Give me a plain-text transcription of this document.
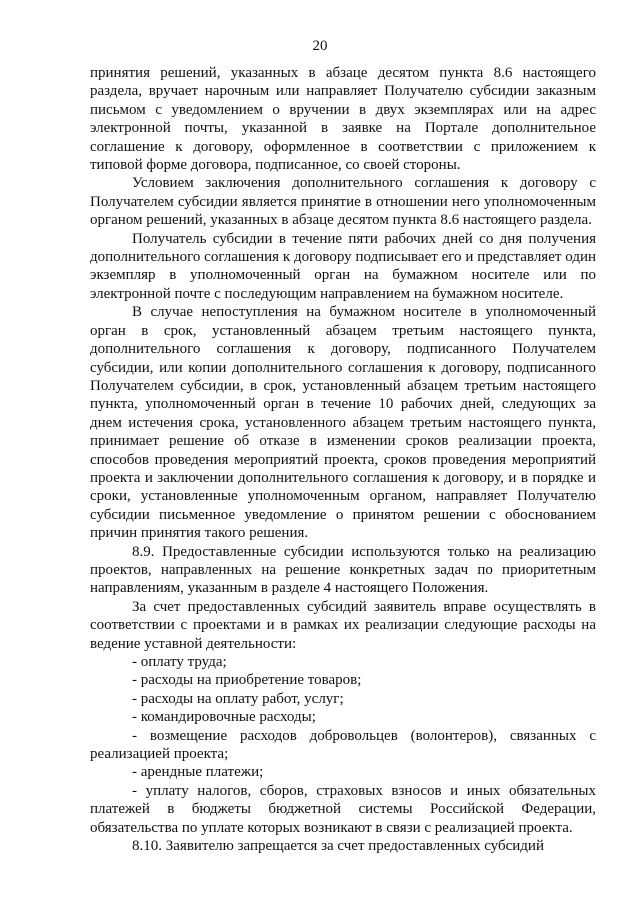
20

принятия решений, указанных в абзаце десятом пункта 8.6 настоящего раздела, вручает нарочным или направляет Получателю субсидии заказным письмом с уведомлением о вручении в двух экземплярах или на адрес электронной почты, указанной в заявке на Портале дополнительное соглашение к договору, оформленное в соответствии с приложением к типовой форме договора, подписанное, со своей стороны.

Условием заключения дополнительного соглашения к договору с Получателем субсидии является принятие в отношении него уполномоченным органом решений, указанных в абзаце десятом пункта 8.6 настоящего раздела.

Получатель субсидии в течение пяти рабочих дней со дня получения дополнительного соглашения к договору подписывает его и представляет один экземпляр в уполномоченный орган на бумажном носителе или по электронной почте с последующим направлением на бумажном носителе.

В случае непоступления на бумажном носителе в уполномоченный орган в срок, установленный абзацем третьим настоящего пункта, дополнительного соглашения к договору, подписанного Получателем субсидии, или копии дополнительного соглашения к договору, подписанного Получателем субсидии, в срок, установленный абзацем третьим настоящего пункта, уполномоченный орган в течение 10 рабочих дней, следующих за днем истечения срока, установленного абзацем третьим настоящего пункта, принимает решение об отказе в изменении сроков реализации проекта, способов проведения мероприятий проекта, сроков проведения мероприятий проекта и заключении дополнительного соглашения к договору, и в порядке и сроки, установленные уполномоченным органом, направляет Получателю субсидии письменное уведомление о принятом решении с обоснованием причин принятия такого решения.

8.9. Предоставленные субсидии используются только на реализацию проектов, направленных на решение конкретных задач по приоритетным направлениям, указанным в разделе 4 настоящего Положения.

За счет предоставленных субсидий заявитель вправе осуществлять в соответствии с проектами и в рамках их реализации следующие расходы на ведение уставной деятельности:

- оплату труда;

- расходы на приобретение товаров;

- расходы на оплату работ, услуг;

- командировочные расходы;

- возмещение расходов добровольцев (волонтеров), связанных с реализацией проекта;

- арендные платежи;

- уплату налогов, сборов, страховых взносов и иных обязательных платежей в бюджеты бюджетной системы Российской Федерации, обязательства по уплате которых возникают в связи с реализацией проекта.

8.10. Заявителю запрещается за счет предоставленных субсидий
